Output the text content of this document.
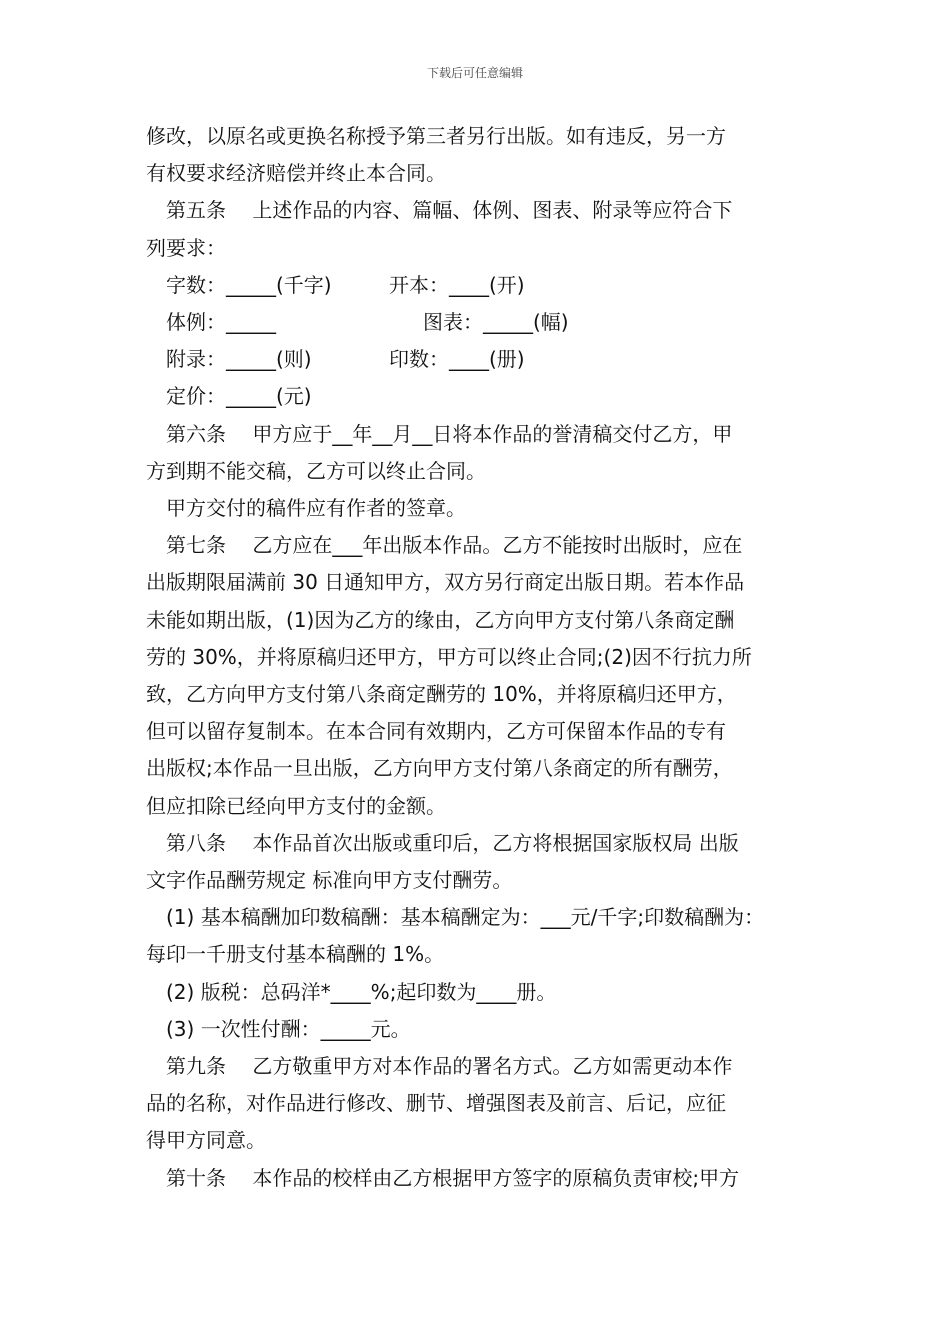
下载后可任意编辑

修改，以原名或更换名称授予第三者另行出版。如有违反，另一方

有权要求经济赔偿并终止本合同。

第五条　 上述作品的内容、篇幅、体例、图表、附录等应符合下

列要求：

字数：_____(千字)	开本：____(开)
体例：_____	图表：_____(幅)
附录：_____(则)	印数：____(册)
定价：_____(元)

第六条　 甲方应于__年__月__日将本作品的誉清稿交付乙方，甲

方到期不能交稿，乙方可以终止合同。

甲方交付的稿件应有作者的签章。

第七条　 乙方应在___年出版本作品。乙方不能按时出版时，应在

出版期限届满前 30 日通知甲方，双方另行商定出版日期。若本作品

未能如期出版，(1)因为乙方的缘由，乙方向甲方支付第八条商定酬

劳的 30%，并将原稿归还甲方，甲方可以终止合同;(2)因不行抗力所

致，乙方向甲方支付第八条商定酬劳的 10%，并将原稿归还甲方，

但可以留存复制本。在本合同有效期内，乙方可保留本作品的专有

出版权;本作品一旦出版，乙方向甲方支付第八条商定的所有酬劳，

但应扣除已经向甲方支付的金额。

第八条　 本作品首次出版或重印后，乙方将根据国家版权局 出版

文字作品酬劳规定 标准向甲方支付酬劳。

(1) 基本稿酬加印数稿酬：基本稿酬定为：___元/千字;印数稿酬为：

每印一千册支付基本稿酬的 1%。

(2) 版税：总码洋*____%;起印数为____册。

(3) 一次性付酬：_____元。

第九条　 乙方敬重甲方对本作品的署名方式。乙方如需更动本作

品的名称，对作品进行修改、删节、增强图表及前言、后记，应征

得甲方同意。

第十条　 本作品的校样由乙方根据甲方签字的原稿负责审校;甲方
